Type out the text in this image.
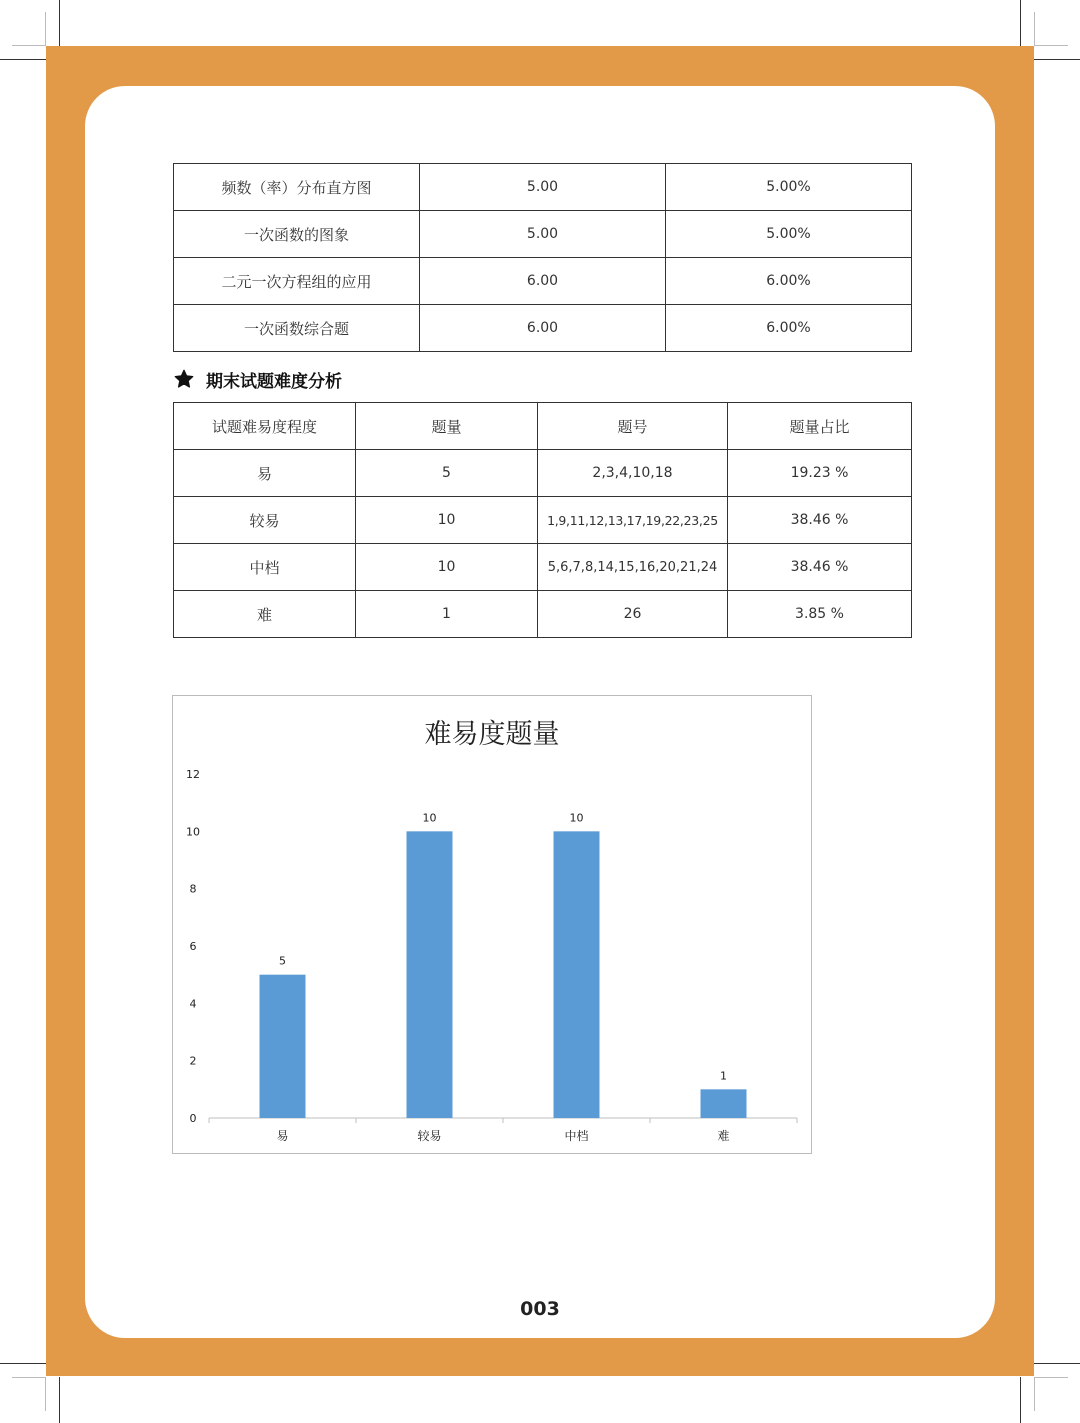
频数（率）分布直方图	5.00	5.00%
一次函数的图象	5.00	5.00%
二元一次方程组的应用	6.00	6.00%
一次函数综合题	6.00	6.00%
期末试题难度分析
试题难易度程度	题量	题号	题量占比
易	5	2,3,4,10,18	19.23 %
较易	10	1,9,11,12,13,17,19,22,23,25	38.46 %
中档	10	5,6,7,8,14,15,16,20,21,24	38.46 %
难	1	26	3.85 %
难易度题量
0
2
4
6
8
10
12
5
易
10
较易
10
中档
1
难
003
